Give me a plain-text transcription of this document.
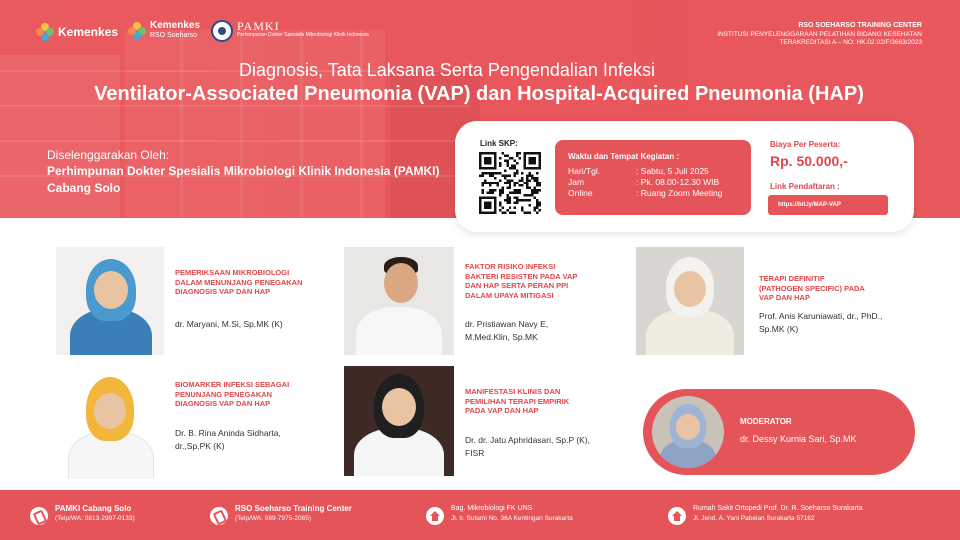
Kemenkes	Kemenkes
RSO Soeharso
PAMKI
Perhimpunan Dokter Spesialis Mikrobiologi Klinik Indonesia
RSO SOEHARSO TRAINING CENTER
INSTITUSI PENYELENGGARAAN PELATIHAN BIDANG KESEHATAN
TERAKREDITASI A – NO: HK.02.02/F/3663/2023
Diagnosis, Tata Laksana Serta Pengendalian Infeksi
Ventilator-Associated Pneumonia (VAP) dan Hospital-Acquired Pneumonia (HAP)
Diselenggarakan Oleh:
Perhimpunan Dokter Spesialis Mikrobiologi Klinik Indonesia (PAMKI) Cabang Solo
Link SKP:
Waktu dan Tempat Kegiatan :
Hari/Tgl.	: Sabtu, 5 Juli 2025
Jam	: Pk. 08.00-12.30 WIB
Online	: Ruang Zoom Meeting
Biaya Per Peserta:
Rp. 50.000,-
Link Pendaftaran :
https://bit.ly/MAP-VAP
PEMERIKSAAN MIKROBIOLOGI DALAM MENUNJANG PENEGAKAN DIAGNOSIS VAP DAN HAP
dr. Maryani, M.Si, Sp.MK (K)
FAKTOR RISIKO INFEKSI BAKTERI RESISTEN PADA VAP DAN HAP SERTA PERAN PPI DALAM UPAYA MITIGASI
dr. Pristiawan Navy E, M.Med.Klin, Sp.MK
TERAPI DEFINITIF (PATHOGEN SPECIFIC) PADA VAP DAN HAP
Prof. Anis Karuniawati, dr., PhD., Sp.MK (K)
BIOMARKER INFEKSI SEBAGAI PENUNJANG PENEGAKAN DIAGNOSIS VAP DAN HAP
Dr. B. Rina Aninda Sidharta, dr.,Sp.PK (K)
MANIFESTASI KLINIS DAN PEMILIHAN TERAPI EMPIRIK PADA VAP DAN HAP
Dr. dr. Jatu Aphridasari, Sp.P (K), FISR
MODERATOR
dr. Dessy Kurnia Sari, Sp.MK
PAMKI Cabang Solo
(Telp/WA: 0813-2997-0133)
RSO Soeharso Training Center
(Telp/WA: 089-7975-2065)
Bag. Mikrobiologi FK UNS
Jl. Ir. Sutami No. 36A Kentingan Surakarta
Rumah Sakit Ortopedi Prof. Dr. R. Soeharso Surakarta
Jl. Jend. A. Yani Pabelan Surakarta 57162
